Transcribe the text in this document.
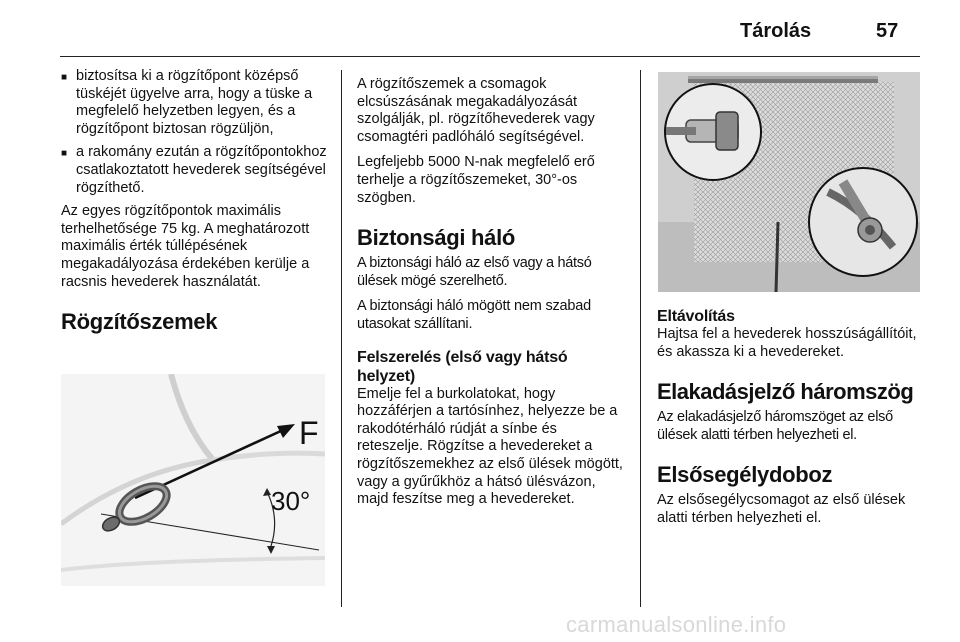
Tárolás	57
■ biztosítsa ki a rögzítőpont középső tüskéjét ügyelve arra, hogy a tüske a megfelelő helyzetben legyen, és a rögzítőpont biztosan rögzüljön,
■ a rakomány ezután a rögzítőpontokhoz csatlakoztatott hevederek segítségével rögzíthető.

Az egyes rögzítőpontok maximális terhelhetősége 75 kg. A meghatározott maximális érték túllépésének megakadályozása érdekében kerülje a racsnis hevederek használatát.

Rögzítőszemek
F
30°

A rögzítőszemek a csomagok elcsúszásának megakadályozását szolgálják, pl. rögzítőhevederek vagy csomagtéri padlóháló segítségével.

Legfeljebb 5000 N-nak megfelelő erő terhelje a rögzítőszemeket, 30°-os szögben.

Biztonsági háló

A biztonsági háló az első vagy a hátsó ülések mögé szerelhető.

A biztonsági háló mögött nem szabad utasokat szállítani.

Felszerelés (első vagy hátsó helyzet)

Emelje fel a burkolatokat, hogy hozzáférjen a tartósínhez, helyezze be a rakodótérháló rúdját a sínbe és reteszelje. Rögzítse a hevedereket a rögzítőszemekhez az első ülések mögött, vagy a gyűrűkhöz a hátsó ülésvázon, majd feszítse meg a hevedereket.

Eltávolítás

Hajtsa fel a hevederek hosszúságállítóit, és akassza ki a hevedereket.

Elakadásjelző háromszög

Az elakadásjelző háromszöget az első ülések alatti térben helyezheti el.

Elsősegélydoboz

Az elsősegélycsomagot az első ülések alatti térben helyezheti el.

carmanualsonline.info
